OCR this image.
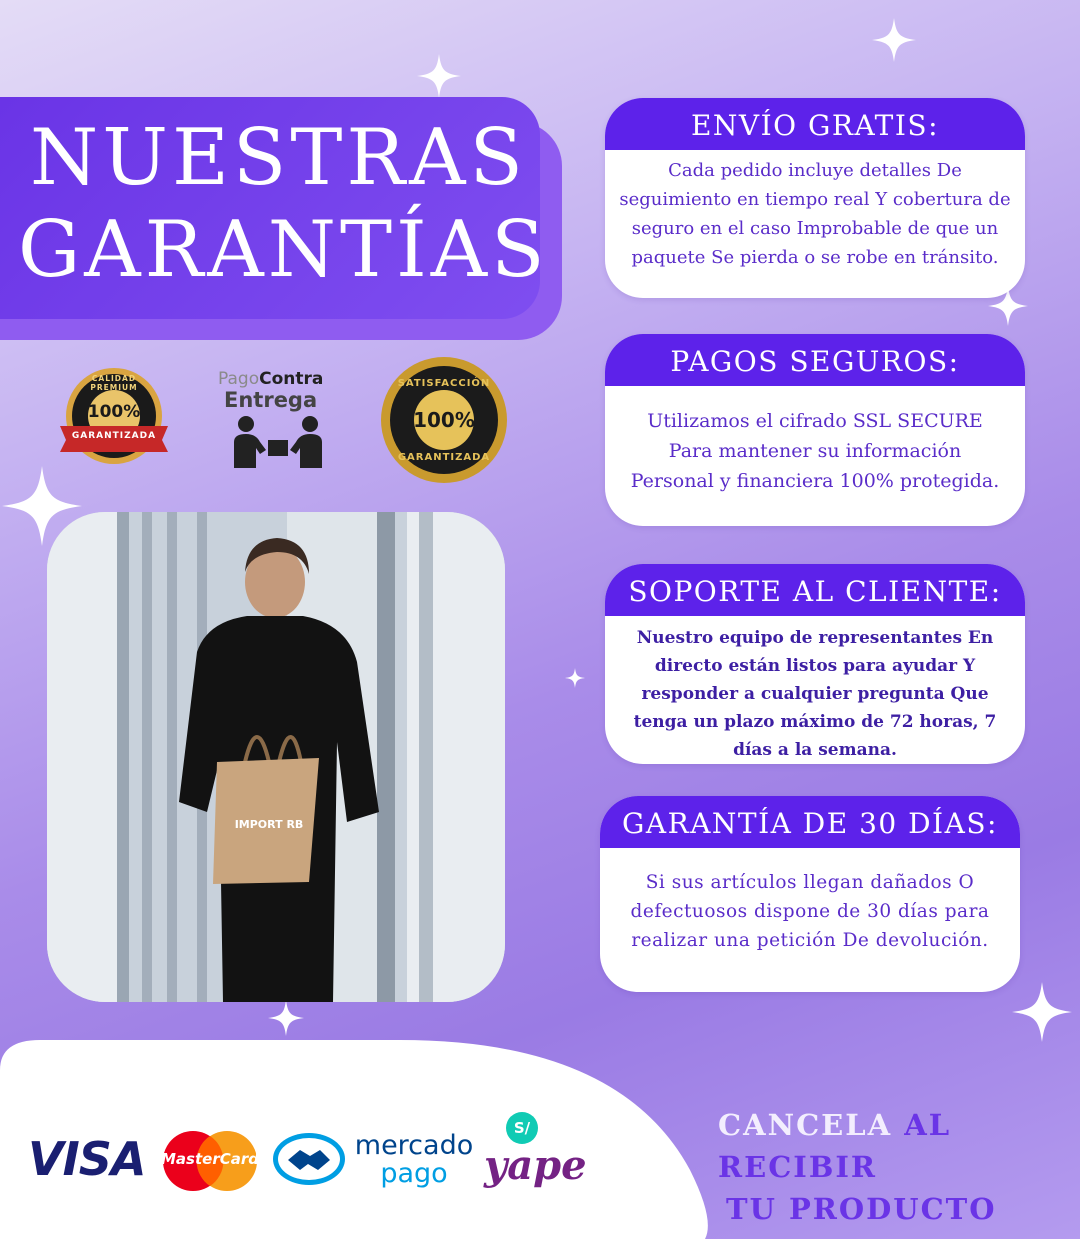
NUESTRAS
GARANTÍAS
ENVÍO GRATIS:
Cada pedido incluye detalles De seguimiento en tiempo real Y cobertura de seguro en el caso Improbable de que un paquete Se pierda o se robe en tránsito.
PAGOS SEGUROS:
Utilizamos el cifrado SSL SECURE Para mantener su información Personal y financiera 100% protegida.
SOPORTE AL CLIENTE:
Nuestro equipo de representantes En directo están listos para ayudar Y responder a cualquier pregunta Que tenga un plazo máximo de 72 horas, 7 días a la semana.
GARANTÍA DE 30 DÍAS:
Si sus artículos llegan dañados O defectuosos dispone de 30 días para realizar una petición De devolución.
CALIDAD PREMIUM
100%
GARANTIZADA
PagoContra
Entrega
SATISFACCIÓN
100%
GARANTIZADA
IMPORT RB
VISA MasterCard	mercado
pago
S/
yape
CANCELA AL RECIBIR
TU PRODUCTO
